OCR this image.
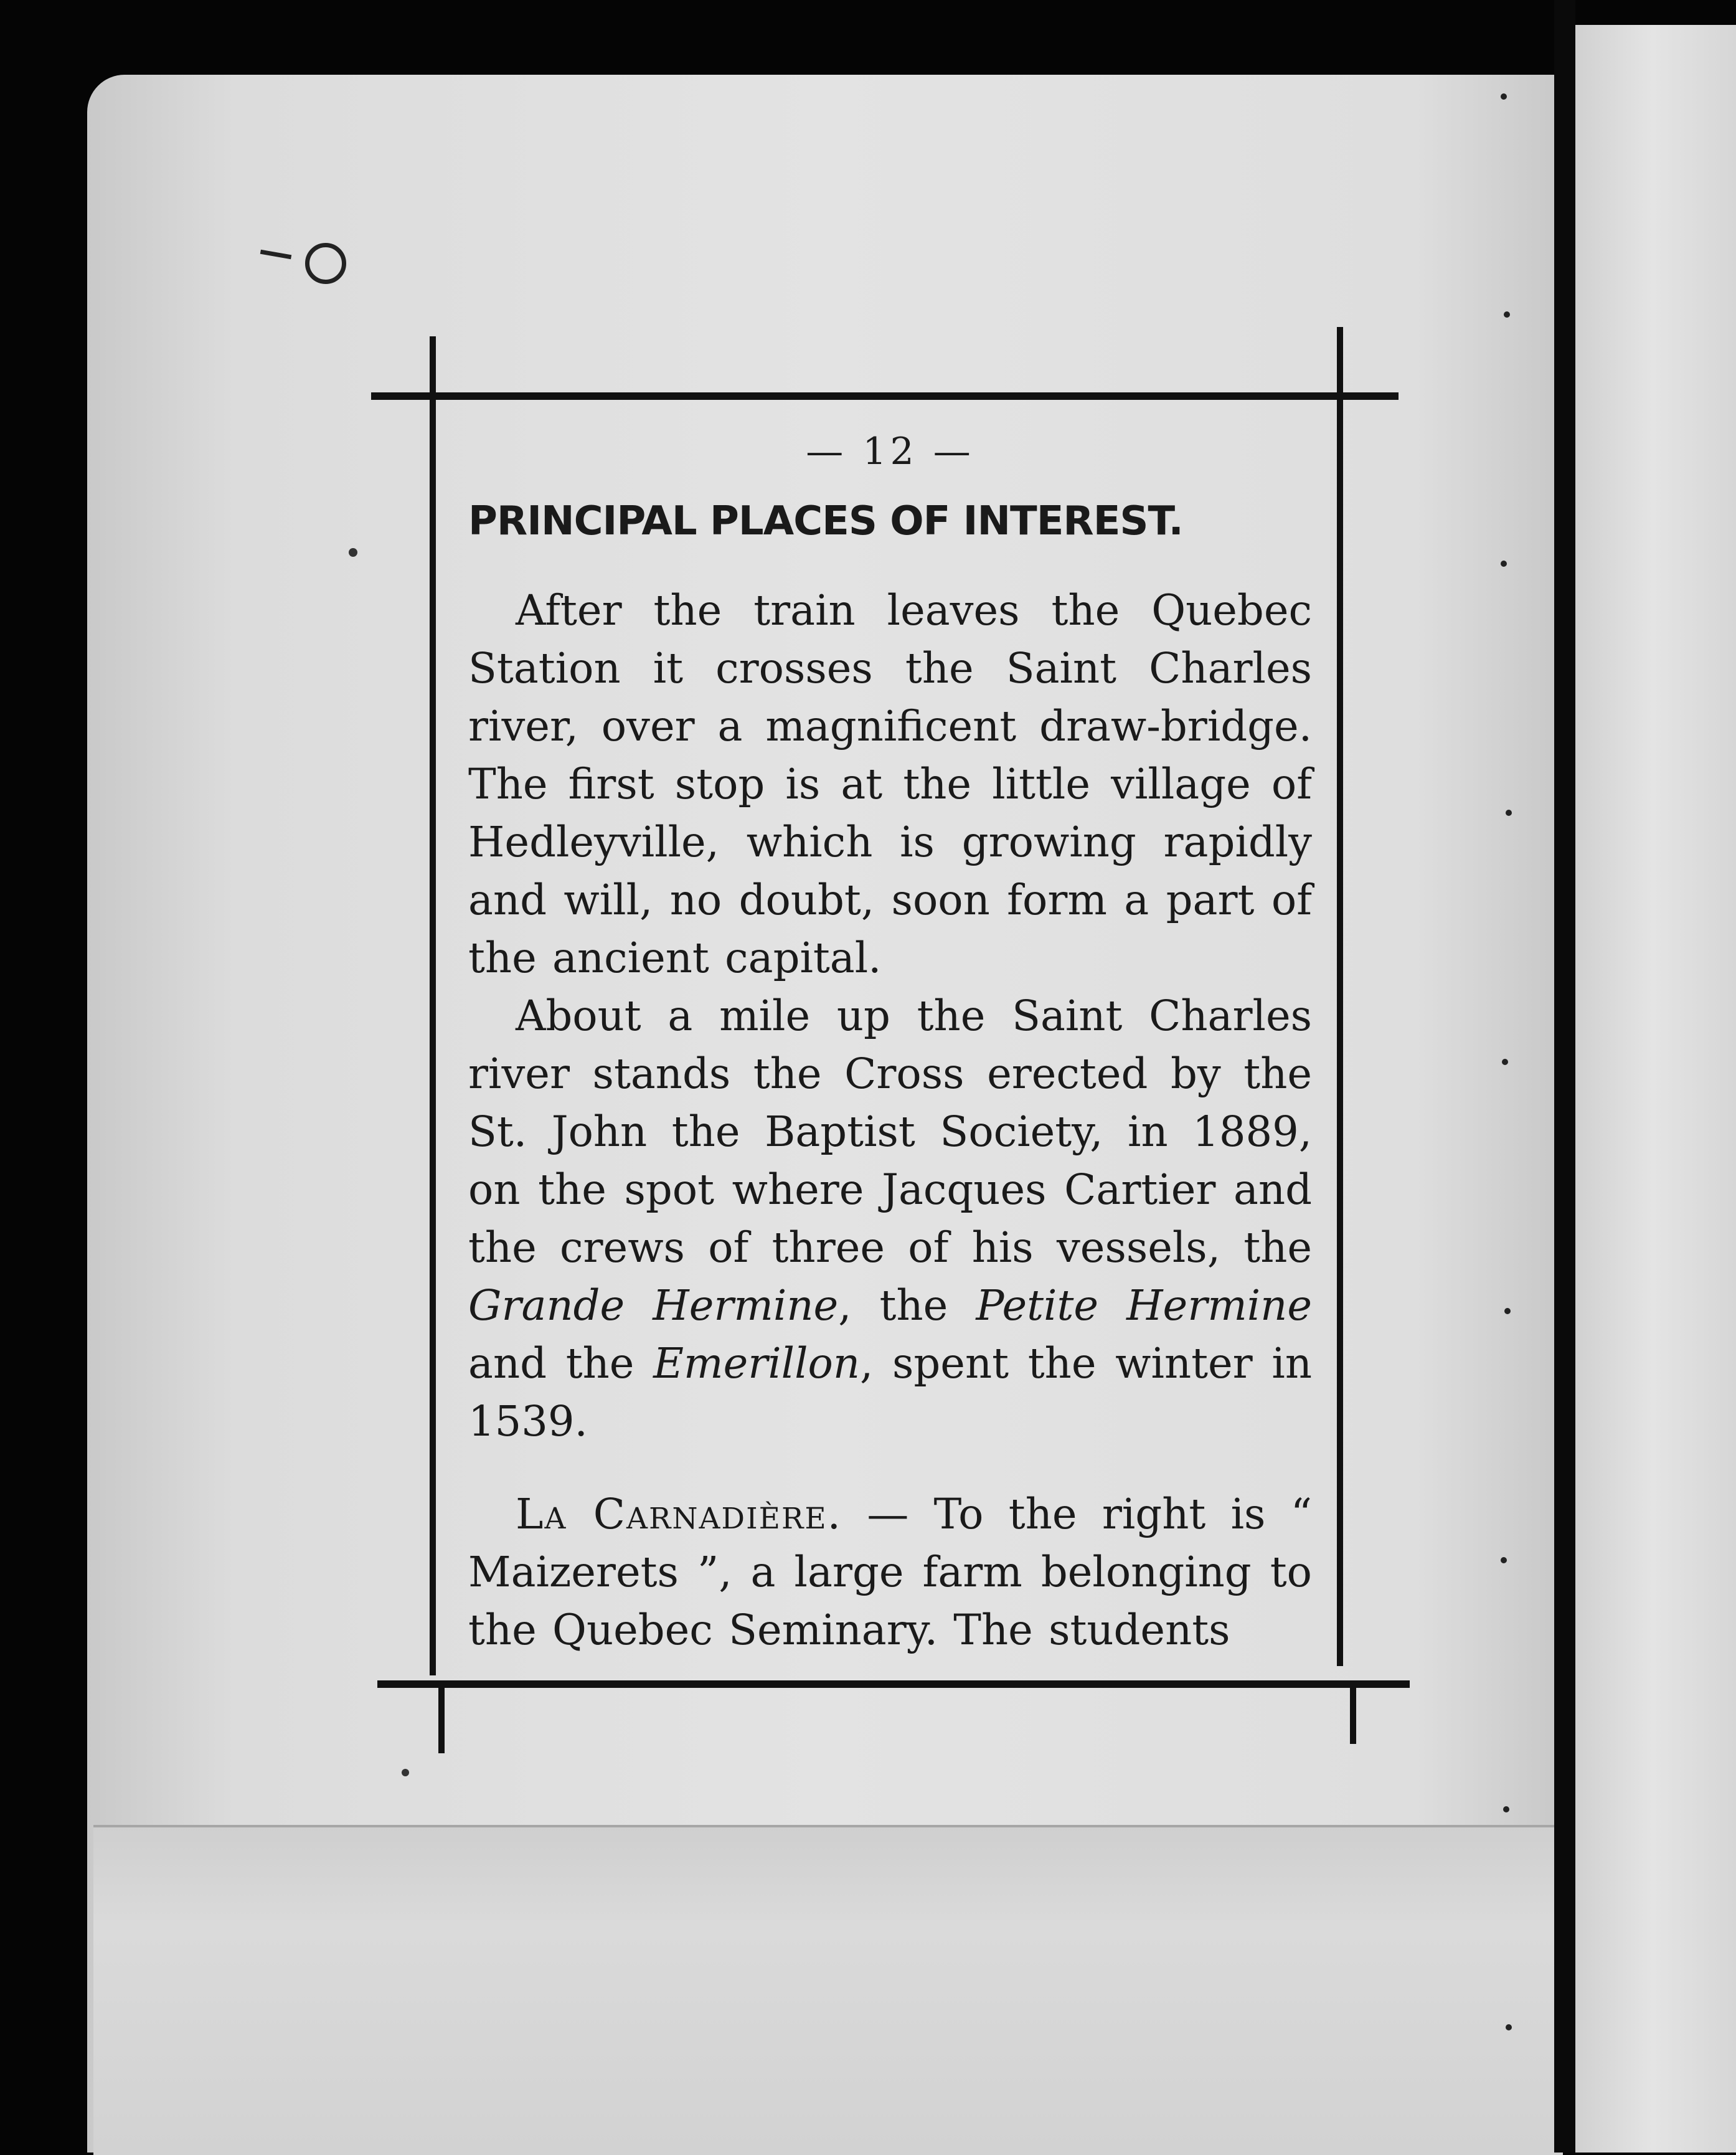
— 12 —
PRINCIPAL PLACES OF INTEREST.

After the train leaves the Quebec Station it crosses the Saint Charles river, over a magnificent draw-bridge. The first stop is at the little village of Hedleyville, which is growing rapidly and will, no doubt, soon form a part of the ancient capital.

About a mile up the Saint Charles river stands the Cross erected by the St. John the Baptist Society, in 1889, on the spot where Jacques Cartier and the crews of three of his vessels, the Grande Hermine, the Petite Hermine and the Emerillon, spent the winter in 1539.

La Carnadière. — To the right is “ Maizerets ”, a large farm belonging to the Quebec Seminary. The students
